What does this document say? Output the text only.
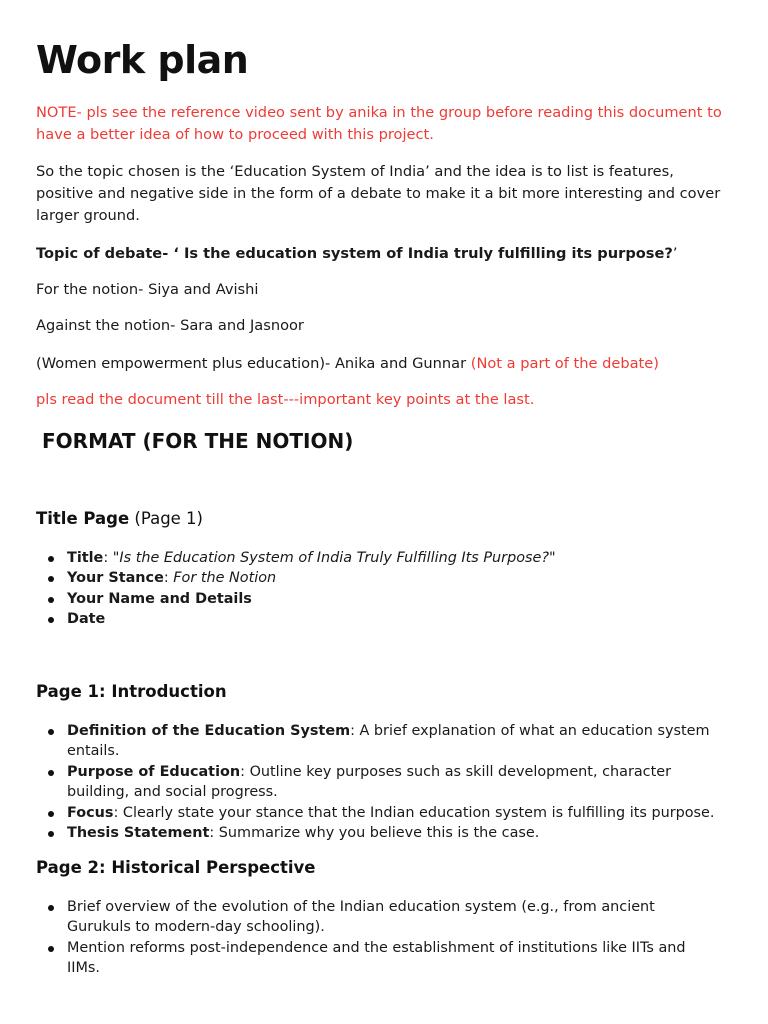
Work plan
NOTE- pls see the reference video sent by anika in the group before reading this document to
have a better idea of how to proceed with this project.
So the topic chosen is the ‘Education System of India’ and the idea is to list is features,
positive and negative side in the form of a debate to make it a bit more interesting and cover
larger ground.
Topic of debate- ‘ Is the education system of India truly fulfilling its purpose?’
For the notion- Siya and Avishi
Against the notion- Sara and Jasnoor
(Women empowerment plus education)- Anika and Gunnar (Not a part of the debate)
pls read the document till the last---important key points at the last.
FORMAT (FOR THE NOTION)
Title Page (Page 1)
Title: "Is the Education System of India Truly Fulfilling Its Purpose?"
Your Stance: For the Notion
Your Name and Details
Date
Page 1: Introduction
Definition of the Education System: A brief explanation of what an education system
entails.
Purpose of Education: Outline key purposes such as skill development, character
building, and social progress.
Focus: Clearly state your stance that the Indian education system is fulfilling its purpose.
Thesis Statement: Summarize why you believe this is the case.
Page 2: Historical Perspective
Brief overview of the evolution of the Indian education system (e.g., from ancient
Gurukuls to modern-day schooling).
Mention reforms post-independence and the establishment of institutions like IITs and
IIMs.
